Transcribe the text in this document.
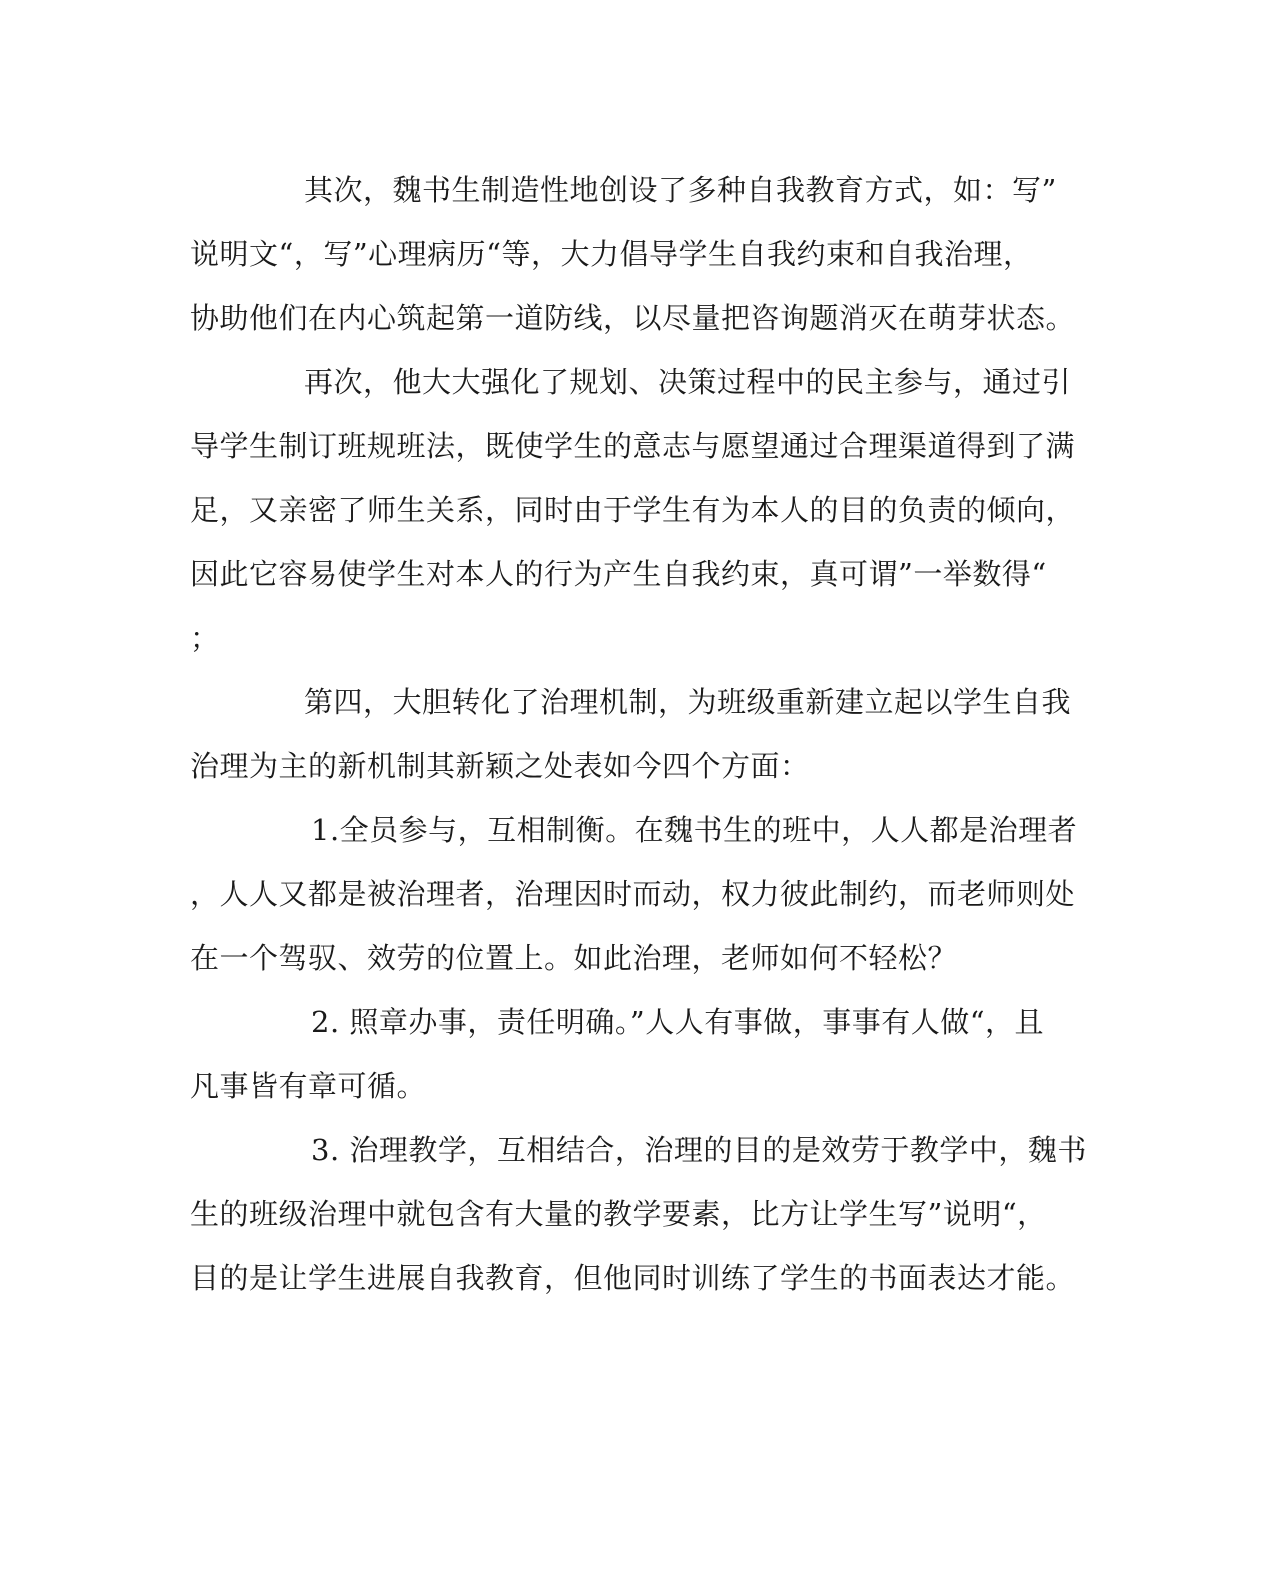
其次，魏书生制造性地创设了多种自我教育方式，如：写”
说明文“，写”心理病历“等，大力倡导学生自我约束和自我治理，
协助他们在内心筑起第一道防线，以尽量把咨询题消灭在萌芽状态。
再次，他大大强化了规划、决策过程中的民主参与，通过引
导学生制订班规班法，既使学生的意志与愿望通过合理渠道得到了满
足，又亲密了师生关系，同时由于学生有为本人的目的负责的倾向，
因此它容易使学生对本人的行为产生自我约束，真可谓”一举数得“
；
第四，大胆转化了治理机制，为班级重新建立起以学生自我
治理为主的新机制其新颖之处表如今四个方面：
1.全员参与，互相制衡。在魏书生的班中，人人都是治理者
，人人又都是被治理者，治理因时而动，权力彼此制约，而老师则处
在一个驾驭、效劳的位置上。如此治理，老师如何不轻松？
2. 照章办事，责任明确。”人人有事做，事事有人做“，且
凡事皆有章可循。
3. 治理教学，互相结合，治理的目的是效劳于教学中，魏书
生的班级治理中就包含有大量的教学要素，比方让学生写”说明“，
目的是让学生进展自我教育，但他同时训练了学生的书面表达才能。
